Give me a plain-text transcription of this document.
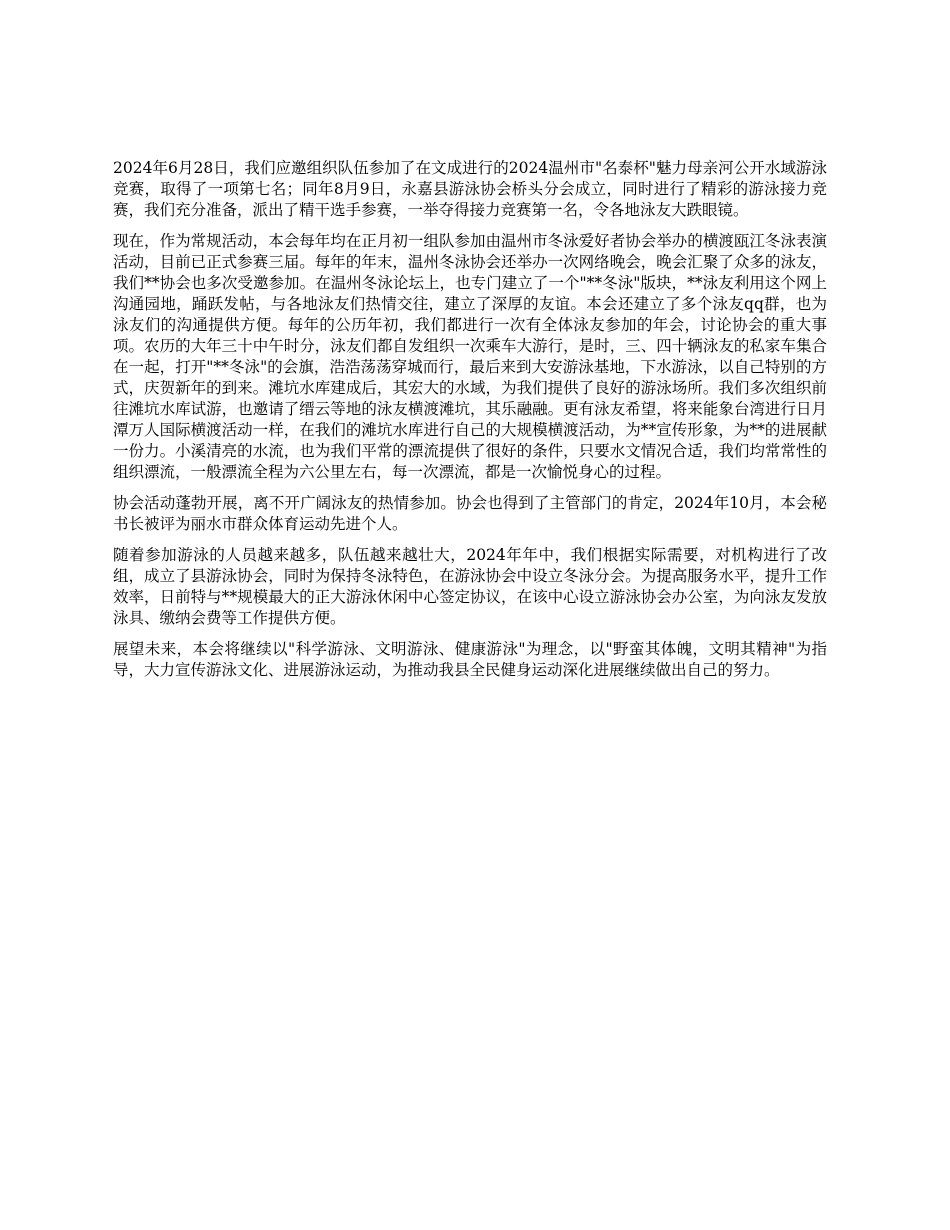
2024年6月28日，我们应邀组织队伍参加了在文成进行的2024温州市"名泰杯"魅力母亲河公开水域游泳竞赛，取得了一项第七名；同年8月9日，永嘉县游泳协会桥头分会成立，同时进行了精彩的游泳接力竞赛，我们充分准备，派出了精干选手参赛，一举夺得接力竞赛第一名，令各地泳友大跌眼镜。

现在，作为常规活动，本会每年均在正月初一组队参加由温州市冬泳爱好者协会举办的横渡瓯江冬泳表演活动，目前已正式参赛三届。每年的年末，温州冬泳协会还举办一次网络晚会，晚会汇聚了众多的泳友，我们**协会也多次受邀参加。在温州冬泳论坛上，也专门建立了一个"**冬泳"版块，**泳友利用这个网上沟通园地，踊跃发帖，与各地泳友们热情交往，建立了深厚的友谊。本会还建立了多个泳友qq群，也为泳友们的沟通提供方便。每年的公历年初，我们都进行一次有全体泳友参加的年会，讨论协会的重大事项。农历的大年三十中午时分，泳友们都自发组织一次乘车大游行，是时，三、四十辆泳友的私家车集合在一起，打开"**冬泳"的会旗，浩浩荡荡穿城而行，最后来到大安游泳基地，下水游泳，以自己特别的方式，庆贺新年的到来。滩坑水库建成后，其宏大的水域，为我们提供了良好的游泳场所。我们多次组织前往滩坑水库试游，也邀请了缙云等地的泳友横渡滩坑，其乐融融。更有泳友希望，将来能象台湾进行日月潭万人国际横渡活动一样，在我们的滩坑水库进行自己的大规模横渡活动，为**宣传形象，为**的进展献一份力。小溪清亮的水流，也为我们平常的漂流提供了很好的条件，只要水文情况合适，我们均常常性的组织漂流，一般漂流全程为六公里左右，每一次漂流，都是一次愉悦身心的过程。

协会活动蓬勃开展，离不开广阔泳友的热情参加。协会也得到了主管部门的肯定，2024年10月，本会秘书长被评为丽水市群众体育运动先进个人。

随着参加游泳的人员越来越多，队伍越来越壮大，2024年年中，我们根据实际需要，对机构进行了改组，成立了县游泳协会，同时为保持冬泳特色，在游泳协会中设立冬泳分会。为提高服务水平，提升工作效率，日前特与**规模最大的正大游泳休闲中心签定协议，在该中心设立游泳协会办公室，为向泳友发放泳具、缴纳会费等工作提供方便。

展望未来，本会将继续以"科学游泳、文明游泳、健康游泳"为理念，以"野蛮其体魄，文明其精神"为指导，大力宣传游泳文化、进展游泳运动，为推动我县全民健身运动深化进展继续做出自己的努力。
